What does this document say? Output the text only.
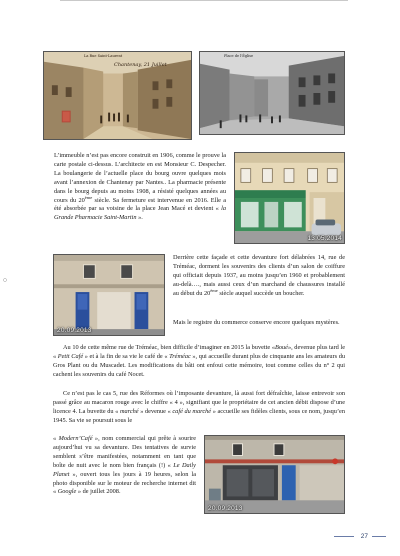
Chantenay, 21 Juillet
La Rue Saint-Laurent	Place de l'Église
13.05.2014
20.09.2013
20.09.2013

L’immeuble n’est pas encore construit en 1906, comme le prouve la carte postale ci-dessus. L’architecte en est Monsieur C. Despecher. La boulangerie de l’actuelle place du bourg ouvre quelques mois avant l’annexion de Chantenay par Nantes.. La pharmacie présente dans le bourg depuis au moins 1908, a résisté quelques années au cours du 20ème siècle. Sa fermeture est intervenue en 2016. Elle a été absorbée par sa voisine de la place Jean Macé et devient « la Grande Pharmacie Saint-Martin ».

Derrière cette façade et cette devanture fort délabrées 14, rue de Tréméac, dorment les souvenirs des clients d’un salon de coiffure qui officiait depuis 1937, au moins jusqu’en 1960 et probablement au-delà…., mais aussi ceux d’un marchand de chaussures installé au début du 20ème siècle auquel succède un boucher.

Mais le registre du commerce conserve encore quelques mystères.

Au 10 de cette même rue de Tréméac, bien difficile d’imaginer en 2015 la buvette «Boué», devenue plus tard le « Petit Café » et à la fin de sa vie le café de « Tréméac », qui accueille durant plus de cinquante ans les amateurs du Gros Plant ou du Muscadet. Les modifications du bâti ont enfoui cette mémoire, tout comme celles du n° 2 qui cachent les souvenirs du café Nocet.

Ce n’est pas le cas 5, rue des Réformes où l’imposante devanture, là aussi fort défraîchie, laisse entrevoir son passé grâce au macaron rouge avec le chiffre « 4 », signifiant que le propriétaire de cet ancien débit dispose d’une licence 4. La buvette du « marché » devenue « café du marché » accueille ses fidèles clients, sous ce nom, jusqu’en 1945. Sa vie se poursuit sous le

« Modern’Café », nom commercial qui prête à sourire aujourd’hui vu sa devanture. Des tentatives de survie semblent s’être manifestées, notamment en tant que boîte de nuit avec le nom bien français (!) « Le Daily Planet », ouvert tous les jours à 19 heures, selon la photo disponible sur le moteur de recherche internet dit « Google » de juillet 2008.

27
